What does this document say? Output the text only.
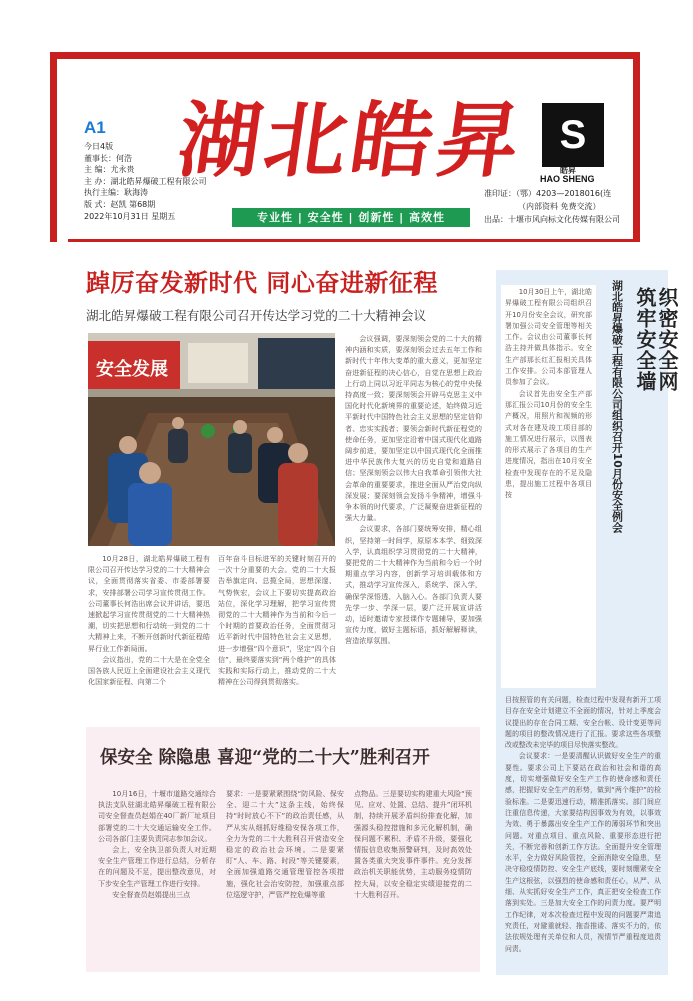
A1
今日4版
董事长：何浩
主 编：尤永贵
主 办：湖北皓昇爆破工程有限公司
执行主编：耿海涛
版 式：赵凯 第68期
2022年10月31日 星期五
湖北皓昇
专业性 | 安全性 | 创新性 | 高效性
S
皓昇
HAO SHENG
准印证：（鄂）4203—2018016(连
（内部资料 免费交流）
出品：十堰市风向标文化传媒有限公司
踔厉奋发新时代 同心奋进新征程
湖北皓昇爆破工程有限公司召开传达学习党的二十大精神会议
安全发展

10月28日，湖北皓昇爆破工程有限公司召开传达学习党的二十大精神会议，全面贯彻落实省委、市委部署要求，安排部署公司学习宣传贯彻工作。公司董事长何浩出席会议并讲话，要迅速掀起学习宣传贯彻党的二十大精神热潮，切实把思想和行动统一到党的二十大精神上来，不断开创新时代新征程皓昇行业工作新局面。

会议指出，党的二十大是在全党全国各族人民迈上全面建设社会主义现代化国家新征程、向第二个

百年奋斗目标进军的关键时刻召开的一次十分重要的大会。党的二十大报告举旗定向、总揽全局，思想深邃、气势恢宏，会议上下要切实提高政治站位，深化学习理解，把学习宣传贯彻党的二十大精神作为当前和今后一个时期的首要政治任务，全面贯彻习近平新时代中国特色社会主义思想，进一步增强“四个意识”，坚定“四个自信”，最终要落实到“两个维护”的具体实践和实际行动上，推动党的二十大精神在公司得到贯彻落实。

会议强调，要深刻领会党的二十大的精神内涵和实质，要深刻领会过去五年工作和新时代十年伟大变革的重大意义，更加坚定奋进新征程的决心信心，自觉在思想上政治上行动上同以习近平同志为核心的党中央保持高度一致；要深刻领会开辟马克思主义中国化时代化新境界的重要论述，始终做习近平新时代中国特色社会主义思想的坚定信仰者、忠实实践者；要领会新时代新征程党的使命任务，更加坚定沿着中国式现代化道路阔步前进，要加坚定以中国式现代化全面推进中华民族伟大复兴的历史自觉和道路自信；坚深刻领会以伟大自我革命引领伟大社会革命的重要要求，推进全面从严治党向纵深发展；要深刻领会发扬斗争精神，增强斗争本领的时代要求，广泛凝聚奋进新征程的强大力量。

会议要求，各部门要统筹安排，精心组织，坚持第一时间学，原原本本学、细致深入学，认真组织学习贯彻党的二十大精神，要把党的二十大精神作为当前和今后一个时期重点学习内容，创新学习培训载体和方式，推动学习宣传深入，系统学、深入学，确保学深悟透、入脑入心。各部门负责人要先学一步、学深一层，要广泛开展宣讲活动，适时邀请专家授课作专题辅导，要加强宣传力度，做好主题标语，抓好解解释读，营造浓厚氛围。

保安全 除隐患 喜迎“党的二十大”胜利召开

10月16日，十堰市道路交通综合执法支队驻湖北皓昇爆破工程有限公司安全督查员赵娟在40厂新厂址项目部署党的二十大交通运输安全工作。公司各部门主要负责同志参加会议。

会上，安全执卫部负责人对近期安全生产管理工作进行总结，分析存在的问题及不足，提出整改意见，对下步安全生产管理工作进行安排。

安全督查员赵娟提出三点

要求：一是要紧紧围绕“防风险、保安全、迎二十大”这条主线，始终保持“时时放心不下”的政治责任感，从严从实从细抓好维稳安保各项工作，全力为党的二十大胜利召开营造安全稳定的政治社会环境。二是要紧盯“人、车、路、时段”等关键要素，全面加强道路交通管理管控各项措施，强化社会治安防控，加强重点部位巡逻守护，严管严控危爆等重

点物品。三是要切实构建重大风险“预见、应对、处置、总结、提升”闭环机制，持续开展矛盾纠纷排查化解，加强源头稳控措施和多元化解机制，确保问题不累积、矛盾不升级，要强化情报信息收集预警研判，及时高效处置各类重大突发事件事件。充分发挥政治机关职能优势，主动服务疫情防控大局，以安全稳定实绩迎接党的二十大胜利召开。

织密安全网
筑牢安全墙
湖北皓昇爆破工程有限公司组织召开10月份安全例会

10月30日上午，湖北皓昇爆破工程有限公司组织召开10月份安全会议，研究部署加强公司安全管理等相关工作。会议由公司董事长何浩主持并做具体指示。安全生产部那长红汇报相关具体工作安排。公司本部管理人员参加了会议。

会议首先由安全生产部那汇报公司10月份的安全生产概况，用照片和视频的形式对各在建及竣工项目部的施工情况进行展示，以图表的形式展示了各项目的生产进度情况，指出在10月安全检查中发现存在的不足及隐患，提出施工过程中各项目按

目按照管的有关问题，检查过程中发现有新开工项目存在安全计划建立不全面的情况，针对上季度会议提出的存在合同工期、安全台帐、设计变更等问题的项目的整改情况进行了汇报。要求这些各项整改或整改未完毕的项目尽快落实整改。

会议要求：一是要清醒认识做好安全生产的重要性。要求公司上下要站在政治和社会和谐的高度，切实增强做好安全生产工作的使命感和责任感，把握好安全生产的形势，做到“两个维护”的检验标准。二是要迅速行动，精准抓落实。部门间应注重信息传递，大家要结构因事效为有效，以事效为效、勇于暴露出安全生产工作的薄弱环节和突出问题。对重点项目、重点风险、重要形态进行把关，不断完善和创新工作方法。全面提升安全管理水平，全力做好风险管控，全面消除安全隐患，坚决守稳疫情防控、安全生产底线，要时刻绷紧安全生产这根弦，以强烈的使命感和责任心，从严、从细、从实抓好安全生产工作，真正把安全检查工作落到实处。三是加大安全工作的问责力度。要严明工作纪律，对本次检查过程中发现的问题要严肃追究责任，对避重就轻、拖沓推诿、落实不力的，依法依规处理有关单位和人员，视情节严重程度追责问责。
